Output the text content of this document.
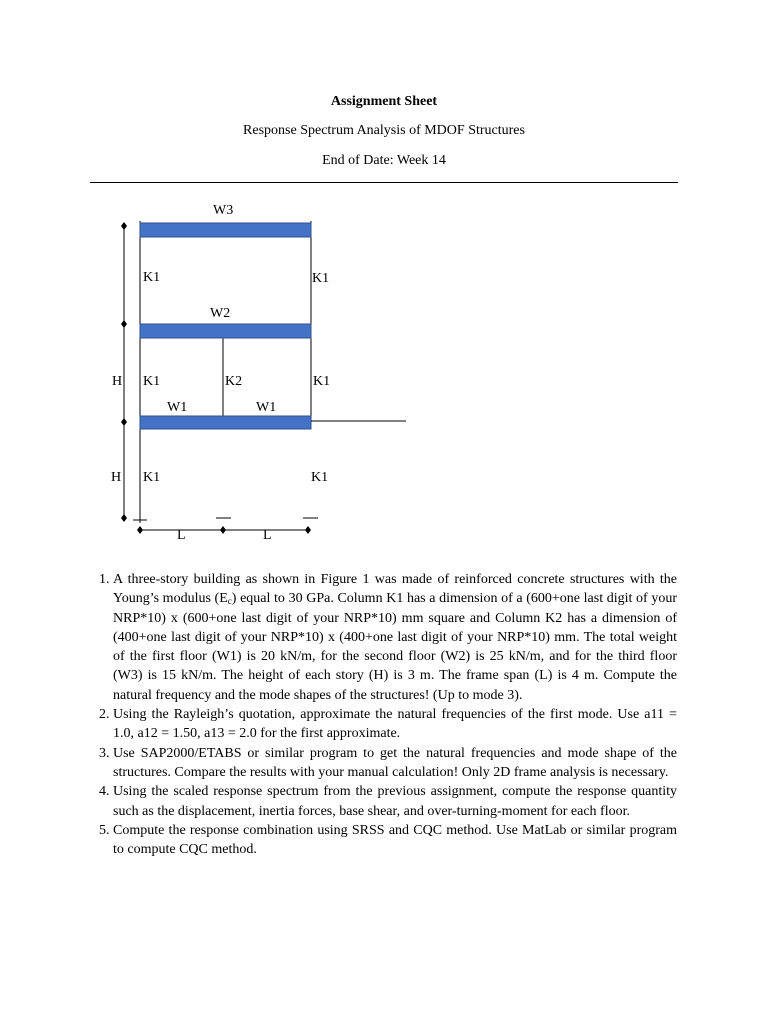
Assignment Sheet
Response Spectrum Analysis of MDOF Structures
End of Date: Week 14
W3
W2
W1	W1
K1	K1
K1	K2	K1
K1	K1
H
H
L	L
1. A three-story building as shown in Figure 1 was made of reinforced concrete structures with the Young’s modulus $(E_c)$ equal to 30 GPa. Column K1 has a dimension of a (600+one last digit of your NRP*10) x (600+one last digit of your NRP*10) mm square and Column K2 has a dimension of (400+one last digit of your NRP*10) x (400+one last digit of your NRP*10) mm. The total weight of the first floor (W1) is 20 kN/m, for the second floor (W2) is 25 kN/m, and for the third floor (W3) is 15 kN/m. The height of each story (H) is 3 m. The frame span (L) is 4 m. Compute the natural frequency and the mode shapes of the structures! (Up to mode 3).
2. Using the Rayleigh’s quotation, approximate the natural frequencies of the first mode. Use a11 = 1.0, a12 = 1.50, a13 = 2.0 for the first approximate.
3. Use SAP2000/ETABS or similar program to get the natural frequencies and mode shape of the structures. Compare the results with your manual calculation! Only 2D frame analysis is necessary.
4. Using the scaled response spectrum from the previous assignment, compute the response quantity such as the displacement, inertia forces, base shear, and over-turning-moment for each floor.
5. Compute the response combination using SRSS and CQC method. Use MatLab or similar program to compute CQC method.
